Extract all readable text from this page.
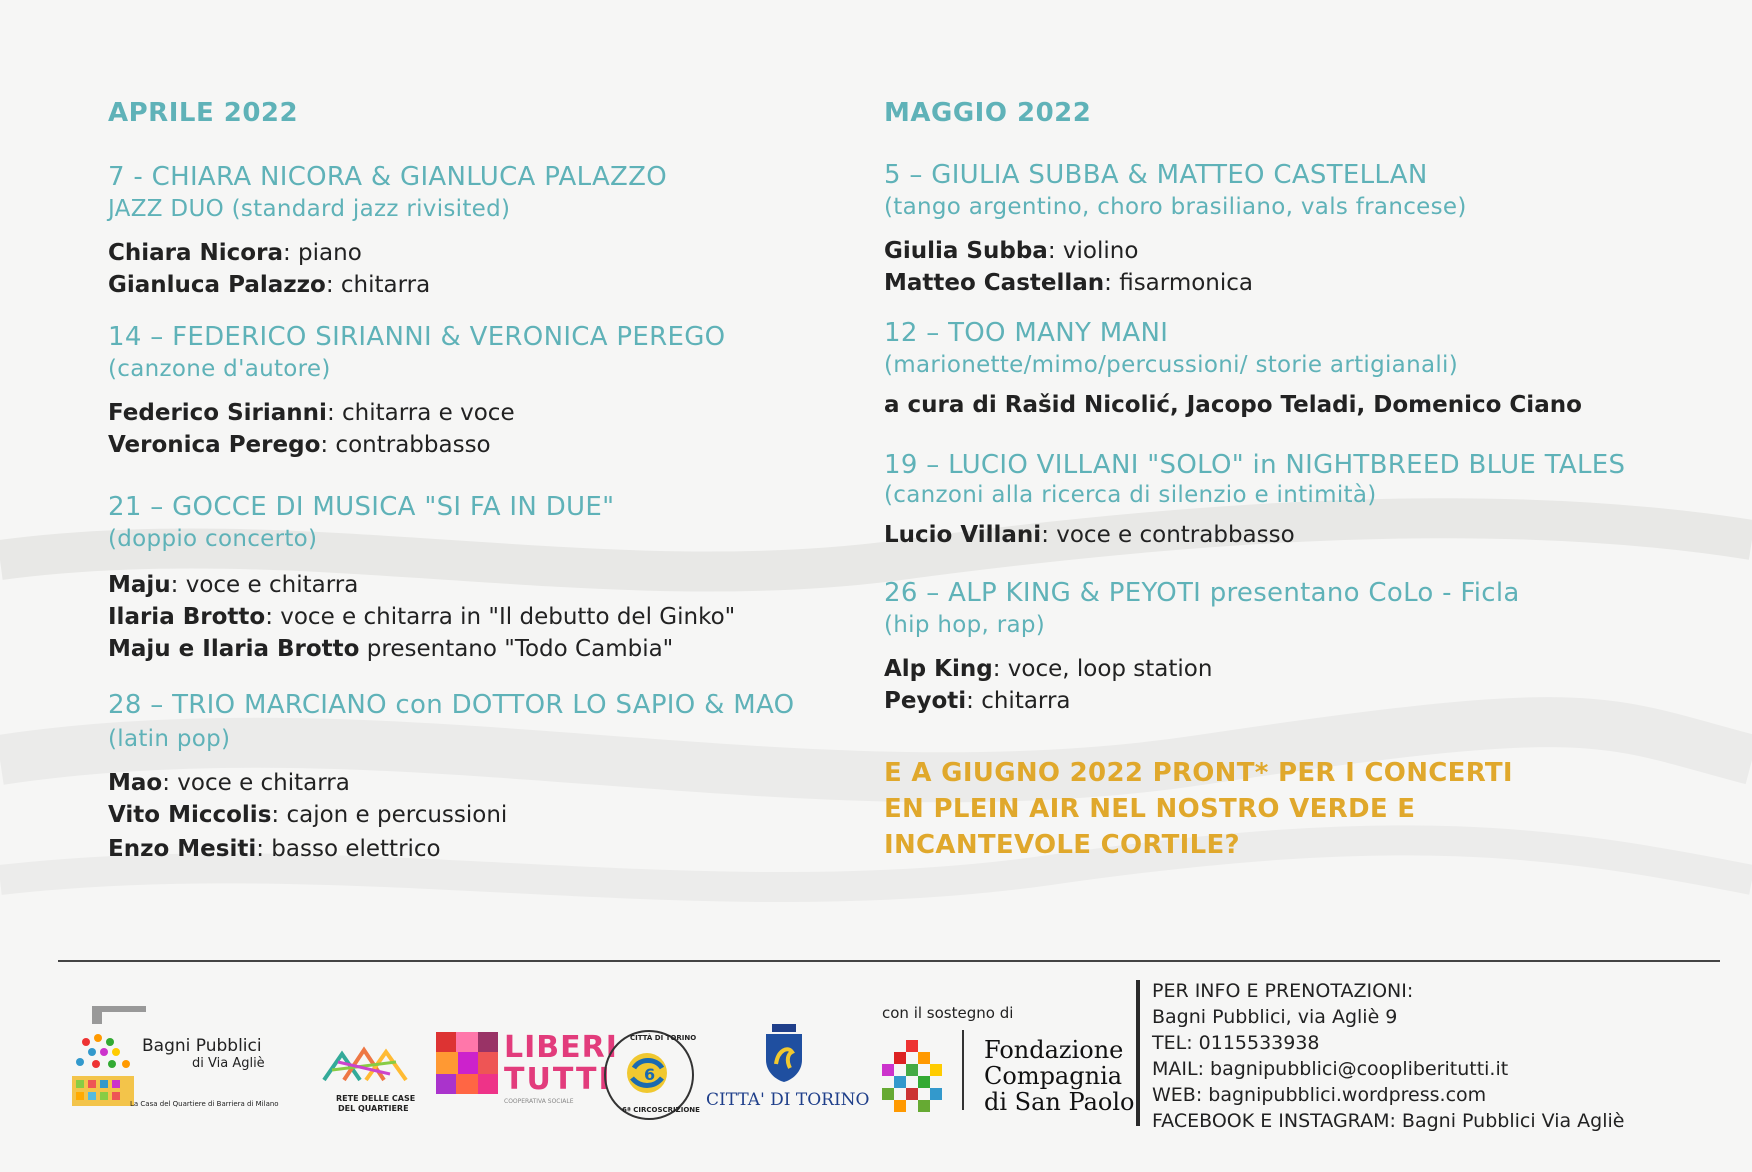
APRILE 2022
7 - CHIARA NICORA & GIANLUCA PALAZZO
JAZZ DUO (standard jazz rivisited)
Chiara Nicora: piano
Gianluca Palazzo: chitarra
14 – FEDERICO SIRIANNI & VERONICA PEREGO
(canzone d'autore)
Federico Sirianni: chitarra e voce
Veronica Perego: contrabbasso
21 – GOCCE DI MUSICA "SI FA IN DUE"
(doppio concerto)
Maju: voce e chitarra
Ilaria Brotto: voce e chitarra in "Il debutto del Ginko"
Maju e Ilaria Brotto presentano "Todo Cambia"
28 – TRIO MARCIANO con DOTTOR LO SAPIO & MAO
(latin pop)
Mao: voce e chitarra
Vito Miccolis: cajon e percussioni
Enzo Mesiti: basso elettrico
MAGGIO 2022
5 – GIULIA SUBBA & MATTEO CASTELLAN
(tango argentino, choro brasiliano, vals francese)
Giulia Subba: violino
Matteo Castellan: fisarmonica
12 – TOO MANY MANI
(marionette/mimo/percussioni/ storie artigianali)
a cura di Rašid Nicolić, Jacopo Teladi, Domenico Ciano
19 – LUCIO VILLANI "SOLO" in NIGHTBREED BLUE TALES
(canzoni alla ricerca di silenzio e intimità)
Lucio Villani: voce e contrabbasso
26 – ALP KING & PEYOTI presentano CoLo - Ficla
(hip hop, rap)
Alp King: voce, loop station
Peyoti: chitarra
E A GIUGNO 2022 PRONT* PER I CONCERTI
EN PLEIN AIR NEL NOSTRO VERDE E
INCANTEVOLE CORTILE?
Bagni Pubblici
di Via Agliè
La Casa del Quartiere di Barriera di Milano
RETE DELLE CASE
DEL QUARTIERE
LIBERI
TUTTI
COOPERATIVA SOCIALE
CITTÀ DI TORINO
6ª CIRCOSCRIZIONE
6
CITTA' DI TORINO
con il sostegno di
Fondazione
Compagnia
di San Paolo
PER INFO E PRENOTAZIONI:
Bagni Pubblici, via Agliè 9
TEL: 0115533938
MAIL: bagnipubblici@coopliberitutti.it
WEB: bagnipubblici.wordpress.com
FACEBOOK E INSTAGRAM: Bagni Pubblici Via Agliè
